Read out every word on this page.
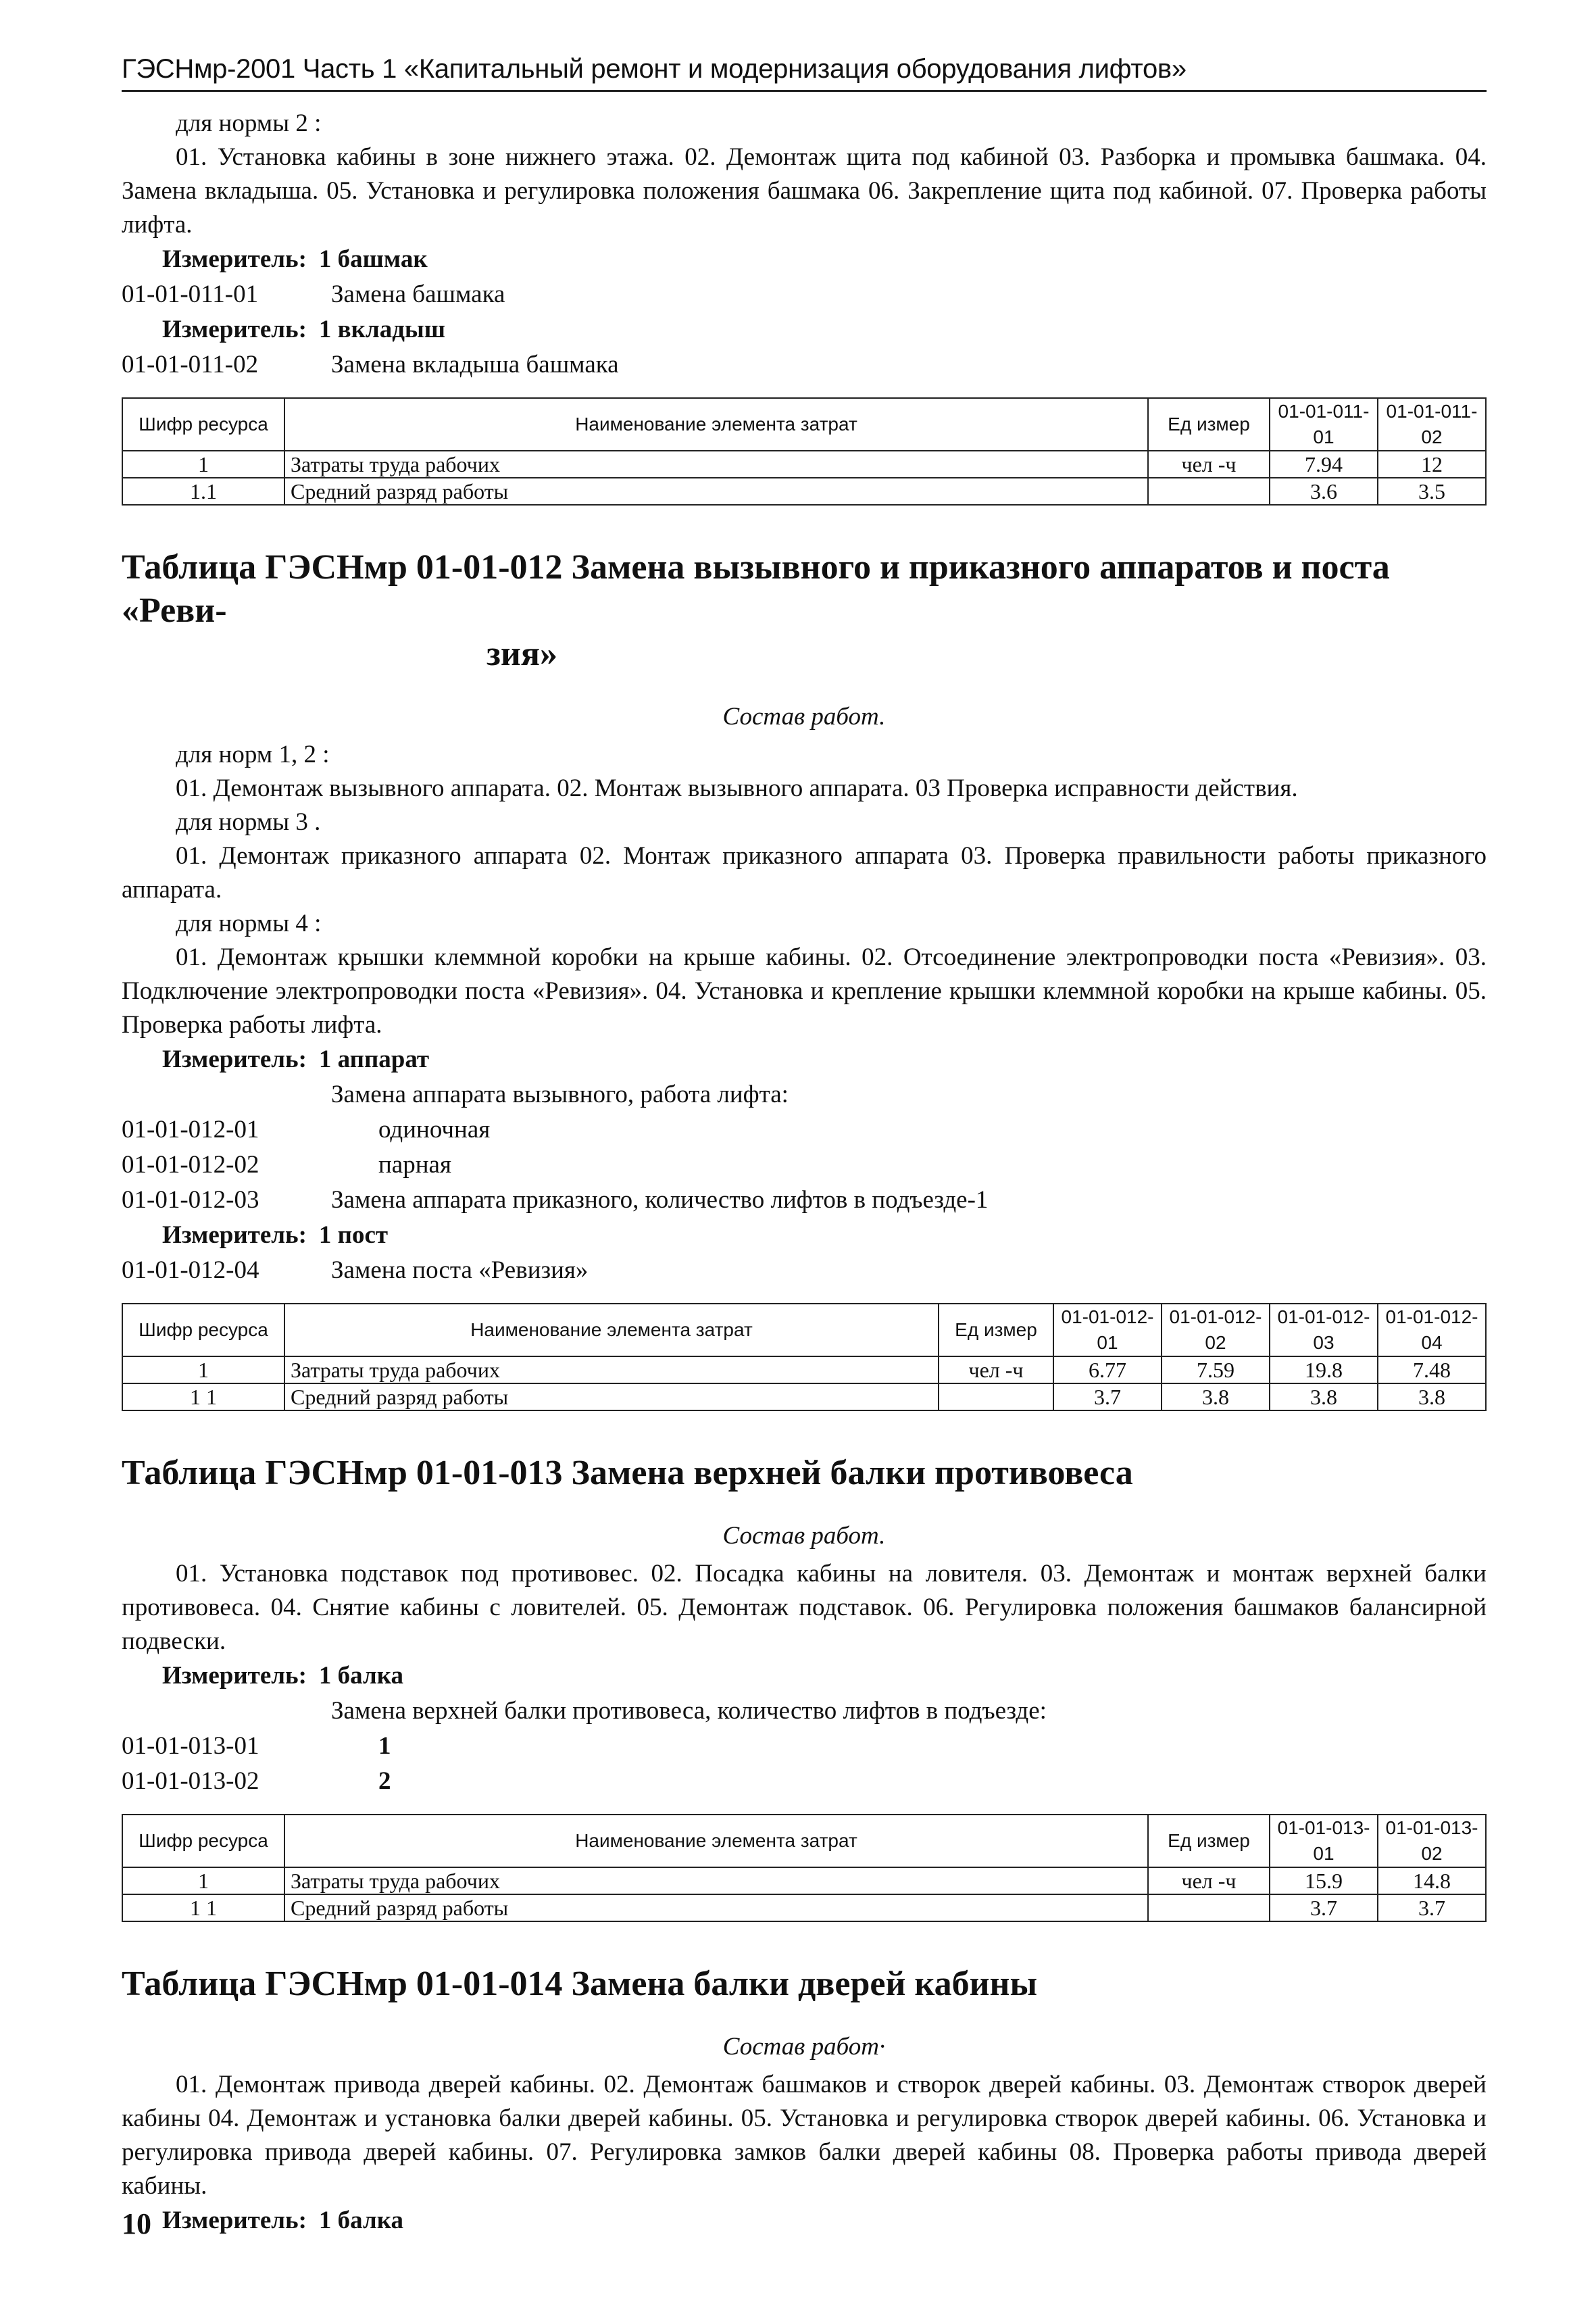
ГЭСНмр-2001 Часть 1 «Капитальный ремонт и модернизация оборудования лифтов»

для нормы 2 :

01. Установка кабины в зоне нижнего этажа. 02. Демонтаж щита под кабиной 03. Разборка и промывка башмака. 04. Замена вкладыша. 05. Установка и регулировка положения башмака 06. Закрепление щита под кабиной. 07. Проверка работы лифта.

Измеритель: 1 башмак
01-01-011-01	Замена башмака
Измеритель: 1 вкладыш
01-01-011-02	Замена вкладыша башмака
Шифр ресурса	Наименование элемента затрат	Ед измер	01-01-011-01	01-01-011-02
1	Затраты труда рабочих	чел -ч	7.94	12
1.1	Средний разряд работы		3.6	3.5
Таблица ГЭСНмр 01-01-012 Замена вызывного и приказного аппаратов и поста «Реви-
зия»
Состав работ.

для норм 1, 2 :

01. Демонтаж вызывного аппарата. 02. Монтаж вызывного аппарата. 03 Проверка исправности действия.

для нормы 3 .

01. Демонтаж приказного аппарата 02. Монтаж приказного аппарата 03. Проверка правильности работы приказного аппарата.

для нормы 4 :

01. Демонтаж крышки клеммной коробки на крыше кабины. 02. Отсоединение электропроводки поста «Ревизия». 03. Подключение электропроводки поста «Ревизия». 04. Установка и крепление крышки клеммной коробки на крыше кабины. 05. Проверка работы лифта.

Измеритель: 1 аппарат
Замена аппарата вызывного, работа лифта:
01-01-012-01	одиночная
01-01-012-02	парная
01-01-012-03	Замена аппарата приказного, количество лифтов в подъезде-1
Измеритель: 1 пост
01-01-012-04	Замена поста «Ревизия»
Шифр ресурса	Наименование элемента затрат	Ед измер	01-01-012-01	01-01-012-02	01-01-012-03	01-01-012-04
1	Затраты труда рабочих	чел -ч	6.77	7.59	19.8	7.48
1 1	Средний разряд работы		3.7	3.8	3.8	3.8
Таблица ГЭСНмр 01-01-013 Замена верхней балки противовеса
Состав работ.

01. Установка подставок под противовес. 02. Посадка кабины на ловителя. 03. Демонтаж и монтаж верхней балки противовеса. 04. Снятие кабины с ловителей. 05. Демонтаж подставок. 06. Регулировка положения башмаков балансирной подвески.

Измеритель: 1 балка
Замена верхней балки противовеса, количество лифтов в подъезде:
01-01-013-01	1
01-01-013-02	2
Шифр ресурса	Наименование элемента затрат	Ед измер	01-01-013-01	01-01-013-02
1	Затраты труда рабочих	чел -ч	15.9	14.8
1 1	Средний разряд работы		3.7	3.7
Таблица ГЭСНмр 01-01-014 Замена балки дверей кабины
Состав работ·

01. Демонтаж привода дверей кабины. 02. Демонтаж башмаков и створок дверей кабины. 03. Демонтаж створок дверей кабины 04. Демонтаж и установка балки дверей кабины. 05. Установка и регулировка створок дверей кабины. 06. Установка и регулировка привода дверей кабины. 07. Регулировка замков балки дверей кабины 08. Проверка работы привода дверей кабины.

Измеритель: 1 балка
10
